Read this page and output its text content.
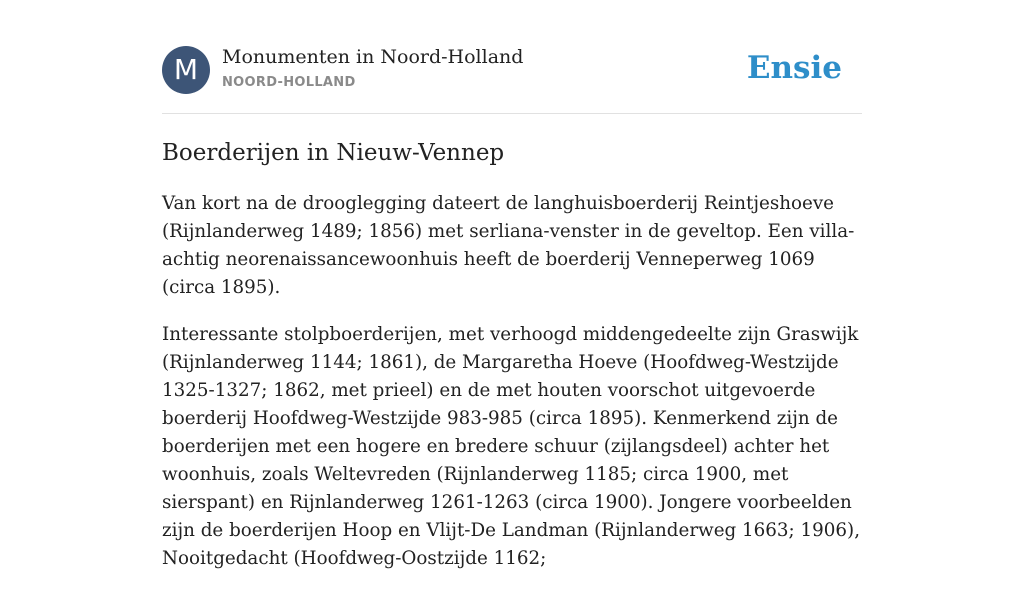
M	Monumenten in Noord-Holland
NOORD-HOLLAND	Ensie
Boerderijen in Nieuw-Vennep

Van kort na de drooglegging dateert de langhuisboerderij Reintjeshoeve (Rijnlanderweg 1489; 1856) met serliana-venster in de geveltop. Een villa-achtig neorenaissancewoonhuis heeft de boerderij Venneperweg 1069 (circa 1895).

Interessante stolpboerderijen, met verhoogd middengedeelte zijn Graswijk (Rijnlanderweg 1144; 1861), de Margaretha Hoeve (Hoofdweg-Westzijde 1325-1327; 1862, met prieel) en de met houten voorschot uitgevoerde boerderij Hoofdweg-Westzijde 983-985 (circa 1895). Kenmerkend zijn de boerderijen met een hogere en bredere schuur (zijlangsdeel) achter het woonhuis, zoals Weltevreden (Rijnlanderweg 1185; circa 1900, met sierspant) en Rijnlanderweg 1261-1263 (circa 1900). Jongere voorbeelden zijn de boerderijen Hoop en Vlijt-De Landman (Rijnlanderweg 1663; 1906), Nooitgedacht (Hoofdweg-Oostzijde 1162;
